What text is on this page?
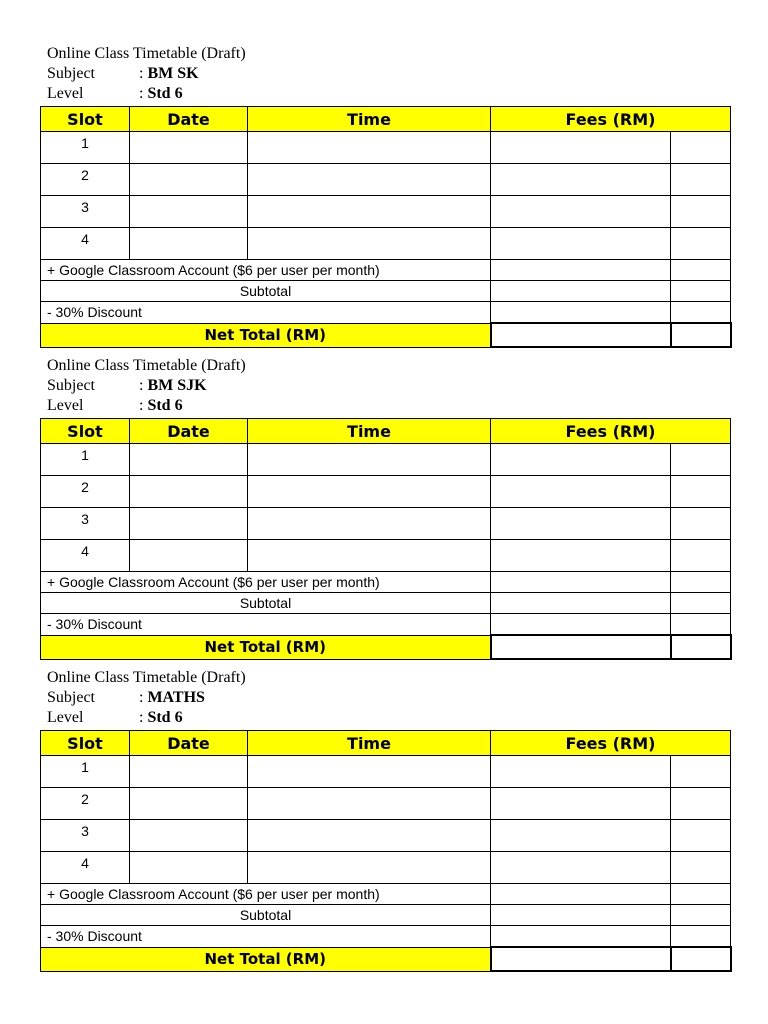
Online Class Timetable (Draft)
Subject	: BM SK
Level	: Std 6
Slot	Date	Time	Fees (RM)	
1				
2				
3				
4				
+ Google Classroom Account ($6 per user per month)				
Subtotal				
- 30% Discount				
Net Total (RM)				
Online Class Timetable (Draft)
Subject	: BM SJK
Level	: Std 6
Slot	Date	Time	Fees (RM)	
1				
2				
3				
4				
+ Google Classroom Account ($6 per user per month)				
Subtotal				
- 30% Discount				
Net Total (RM)				
Online Class Timetable (Draft)
Subject	: MATHS
Level	: Std 6
Slot	Date	Time	Fees (RM)	
1				
2				
3				
4				
+ Google Classroom Account ($6 per user per month)				
Subtotal				
- 30% Discount				
Net Total (RM)				
